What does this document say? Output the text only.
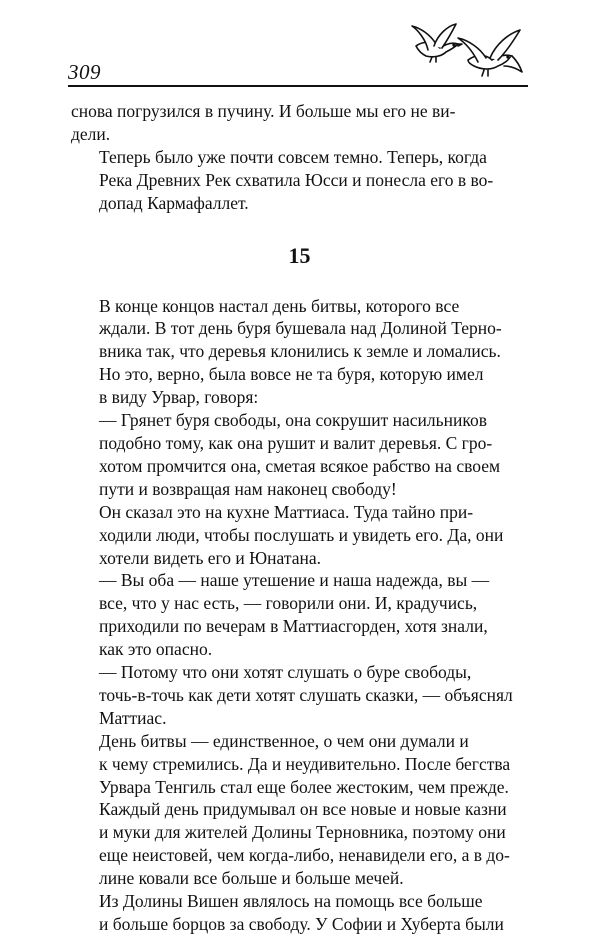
309

снова погрузился в пучину. И больше мы его не ви-
дели.

Теперь было уже почти совсем темно. Теперь, когда
Река Древних Рек схватила Юсси и понесла его в во-
допад Кармафаллет.

15

В конце концов настал день битвы, которого все
ждали. В тот день буря бушевала над Долиной Терно-
вника так, что деревья клонились к земле и ломались.
Но это, верно, была вовсе не та буря, которую имел
в виду Урвар, говоря:

— Грянет буря свободы, она сокрушит насильников
подобно тому, как она рушит и валит деревья. С гро-
хотом промчится она, сметая всякое рабство на своем
пути и возвращая нам наконец свободу!

Он сказал это на кухне Маттиаса. Туда тайно при-
ходили люди, чтобы послушать и увидеть его. Да, они
хотели видеть его и Юнатана.

— Вы оба — наше утешение и наша надежда, вы —
все, что у нас есть, — говорили они. И, крадучись,
приходили по вечерам в Маттиасгорден, хотя знали,
как это опасно.

— Потому что они хотят слушать о буре свободы,
точь-в-точь как дети хотят слушать сказки, — объяснял
Маттиас.

День битвы — единственное, о чем они думали и
к чему стремились. Да и неудивительно. После бегства
Урвара Тенгиль стал еще более жестоким, чем прежде.
Каждый день придумывал он все новые и новые казни
и муки для жителей Долины Терновника, поэтому они
еще неистовей, чем когда-либо, ненавидели его, а в до-
лине ковали все больше и больше мечей.

Из Долины Вишен являлось на помощь все больше
и больше борцов за свободу. У Софии и Хуберта были
